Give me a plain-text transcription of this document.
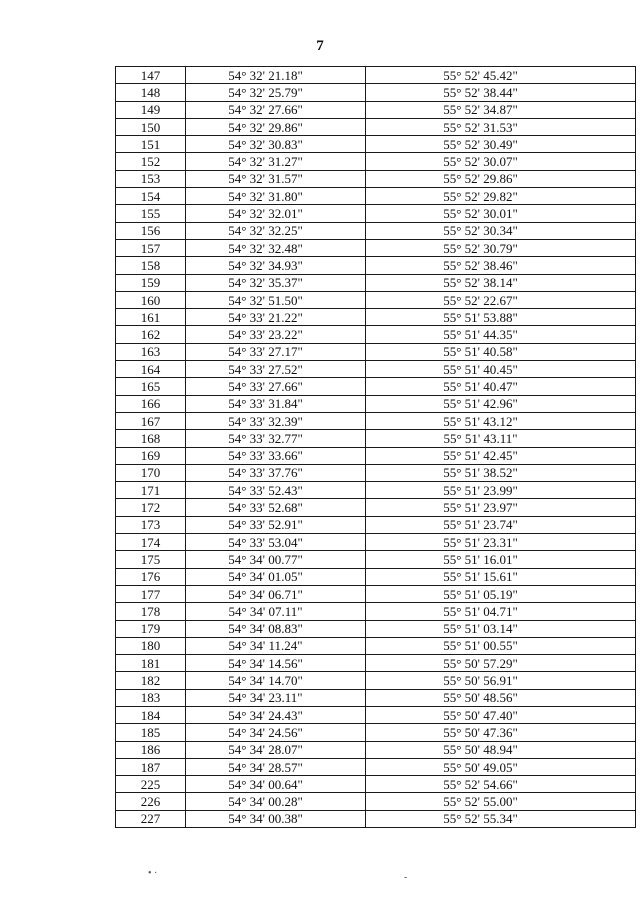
7
147	54° 32' 21.18"	55° 52' 45.42"
148	54° 32' 25.79"	55° 52' 38.44"
149	54° 32' 27.66"	55° 52' 34.87"
150	54° 32' 29.86"	55° 52' 31.53"
151	54° 32' 30.83"	55° 52' 30.49"
152	54° 32' 31.27"	55° 52' 30.07"
153	54° 32' 31.57"	55° 52' 29.86"
154	54° 32' 31.80"	55° 52' 29.82"
155	54° 32' 32.01"	55° 52' 30.01"
156	54° 32' 32.25"	55° 52' 30.34"
157	54° 32' 32.48"	55° 52' 30.79"
158	54° 32' 34.93"	55° 52' 38.46"
159	54° 32' 35.37"	55° 52' 38.14"
160	54° 32' 51.50"	55° 52' 22.67"
161	54° 33' 21.22"	55° 51' 53.88"
162	54° 33' 23.22"	55° 51' 44.35"
163	54° 33' 27.17"	55° 51' 40.58"
164	54° 33' 27.52"	55° 51' 40.45"
165	54° 33' 27.66"	55° 51' 40.47"
166	54° 33' 31.84"	55° 51' 42.96"
167	54° 33' 32.39"	55° 51' 43.12"
168	54° 33' 32.77"	55° 51' 43.11"
169	54° 33' 33.66"	55° 51' 42.45"
170	54° 33' 37.76"	55° 51' 38.52"
171	54° 33' 52.43"	55° 51' 23.99"
172	54° 33' 52.68"	55° 51' 23.97"
173	54° 33' 52.91"	55° 51' 23.74"
174	54° 33' 53.04"	55° 51' 23.31"
175	54° 34' 00.77"	55° 51' 16.01"
176	54° 34' 01.05"	55° 51' 15.61"
177	54° 34' 06.71"	55° 51' 05.19"
178	54° 34' 07.11"	55° 51' 04.71"
179	54° 34' 08.83"	55° 51' 03.14"
180	54° 34' 11.24"	55° 51' 00.55"
181	54° 34' 14.56"	55° 50' 57.29"
182	54° 34' 14.70"	55° 50' 56.91"
183	54° 34' 23.11"	55° 50' 48.56"
184	54° 34' 24.43"	55° 50' 47.40"
185	54° 34' 24.56"	55° 50' 47.36"
186	54° 34' 28.07"	55° 50' 48.94"
187	54° 34' 28.57"	55° 50' 49.05"
225	54° 34' 00.64"	55° 52' 54.66"
226	54° 34' 00.28"	55° 52' 55.00"
227	54° 34' 00.38"	55° 52' 55.34"
• ·	-
